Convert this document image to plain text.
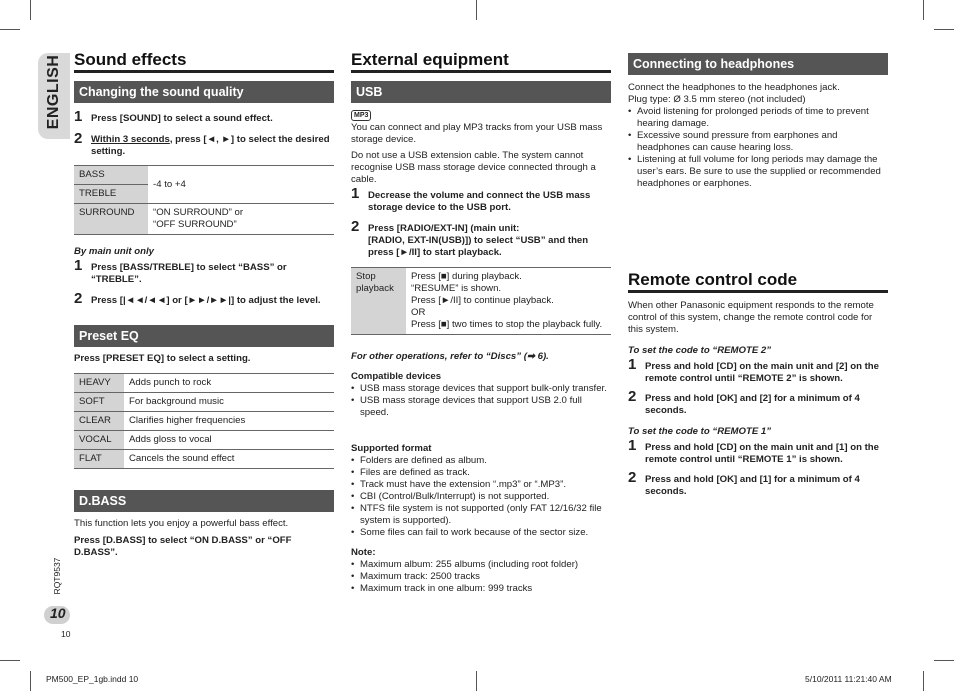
ENGLISH
RQT9537
10
10
PM500_EP_1gb.indd 10	5/10/2011 11:21:40 AM
Sound effects
Changing the sound quality
1 Press [SOUND] to select a sound effect.
2 Within 3 seconds, press [◄, ►] to select the desired setting.
BASS	-4 to +4
TREBLE	
SURROUND	“ON SURROUND” or “OFF SURROUND”
By main unit only
1 Press [BASS/TREBLE] to select “BASS” or “TREBLE”.
2 Press [|◄◄/◄◄] or [►►/►►|] to adjust the level.
Preset EQ
Press [PRESET EQ] to select a setting.
HEAVY	Adds punch to rock
SOFT	For background music
CLEAR	Clarifies higher frequencies
VOCAL	Adds gloss to vocal
FLAT	Cancels the sound effect
D.BASS
This function lets you enjoy a powerful bass effect.
Press [D.BASS] to select “ON D.BASS” or “OFF D.BASS”.
External equipment
USB
MP3
You can connect and play MP3 tracks from your USB mass storage device.
Do not use a USB extension cable. The system cannot recognise USB mass storage device connected through a cable.
1 Decrease the volume and connect the USB mass storage device to the USB port.
2 Press [RADIO/EXT-IN] (main unit:
[RADIO, EXT-IN(USB)]) to select “USB” and then press [►/II] to start playback.
Stop playback	
Press [■] during playback.
“RESUME” is shown.
Press [►/II] to continue playback.
OR
Press [■] two times to stop the playback fully.
For other operations, refer to “Discs” (➡ 6).
Compatible devices
• USB mass storage devices that support bulk-only transfer.
• USB mass storage devices that support USB 2.0 full speed.
Supported format
• Folders are defined as album.
• Files are defined as track.
• Track must have the extension “.mp3” or “.MP3”.
• CBI (Control/Bulk/Interrupt) is not supported.
• NTFS file system is not supported (only FAT 12/16/32 file system is supported).
• Some files can fail to work because of the sector size.
Note:
• Maximum album: 255 albums (including root folder)
• Maximum track: 2500 tracks
• Maximum track in one album: 999 tracks
Connecting to headphones
Connect the headphones to the headphones jack.
Plug type: Ø 3.5 mm stereo (not included)
• Avoid listening for prolonged periods of time to prevent hearing damage.
• Excessive sound pressure from earphones and headphones can cause hearing loss.
• Listening at full volume for long periods may damage the user’s ears. Be sure to use the supplied or recommended headphones or earphones.
Remote control code
When other Panasonic equipment responds to the remote control of this system, change the remote control code for this system.
To set the code to “REMOTE 2”
1 Press and hold [CD] on the main unit and [2] on the remote control until “REMOTE 2” is shown.
2 Press and hold [OK] and [2] for a minimum of 4 seconds.
To set the code to “REMOTE 1”
1 Press and hold [CD] on the main unit and [1] on the remote control until “REMOTE 1” is shown.
2 Press and hold [OK] and [1] for a minimum of 4 seconds.
